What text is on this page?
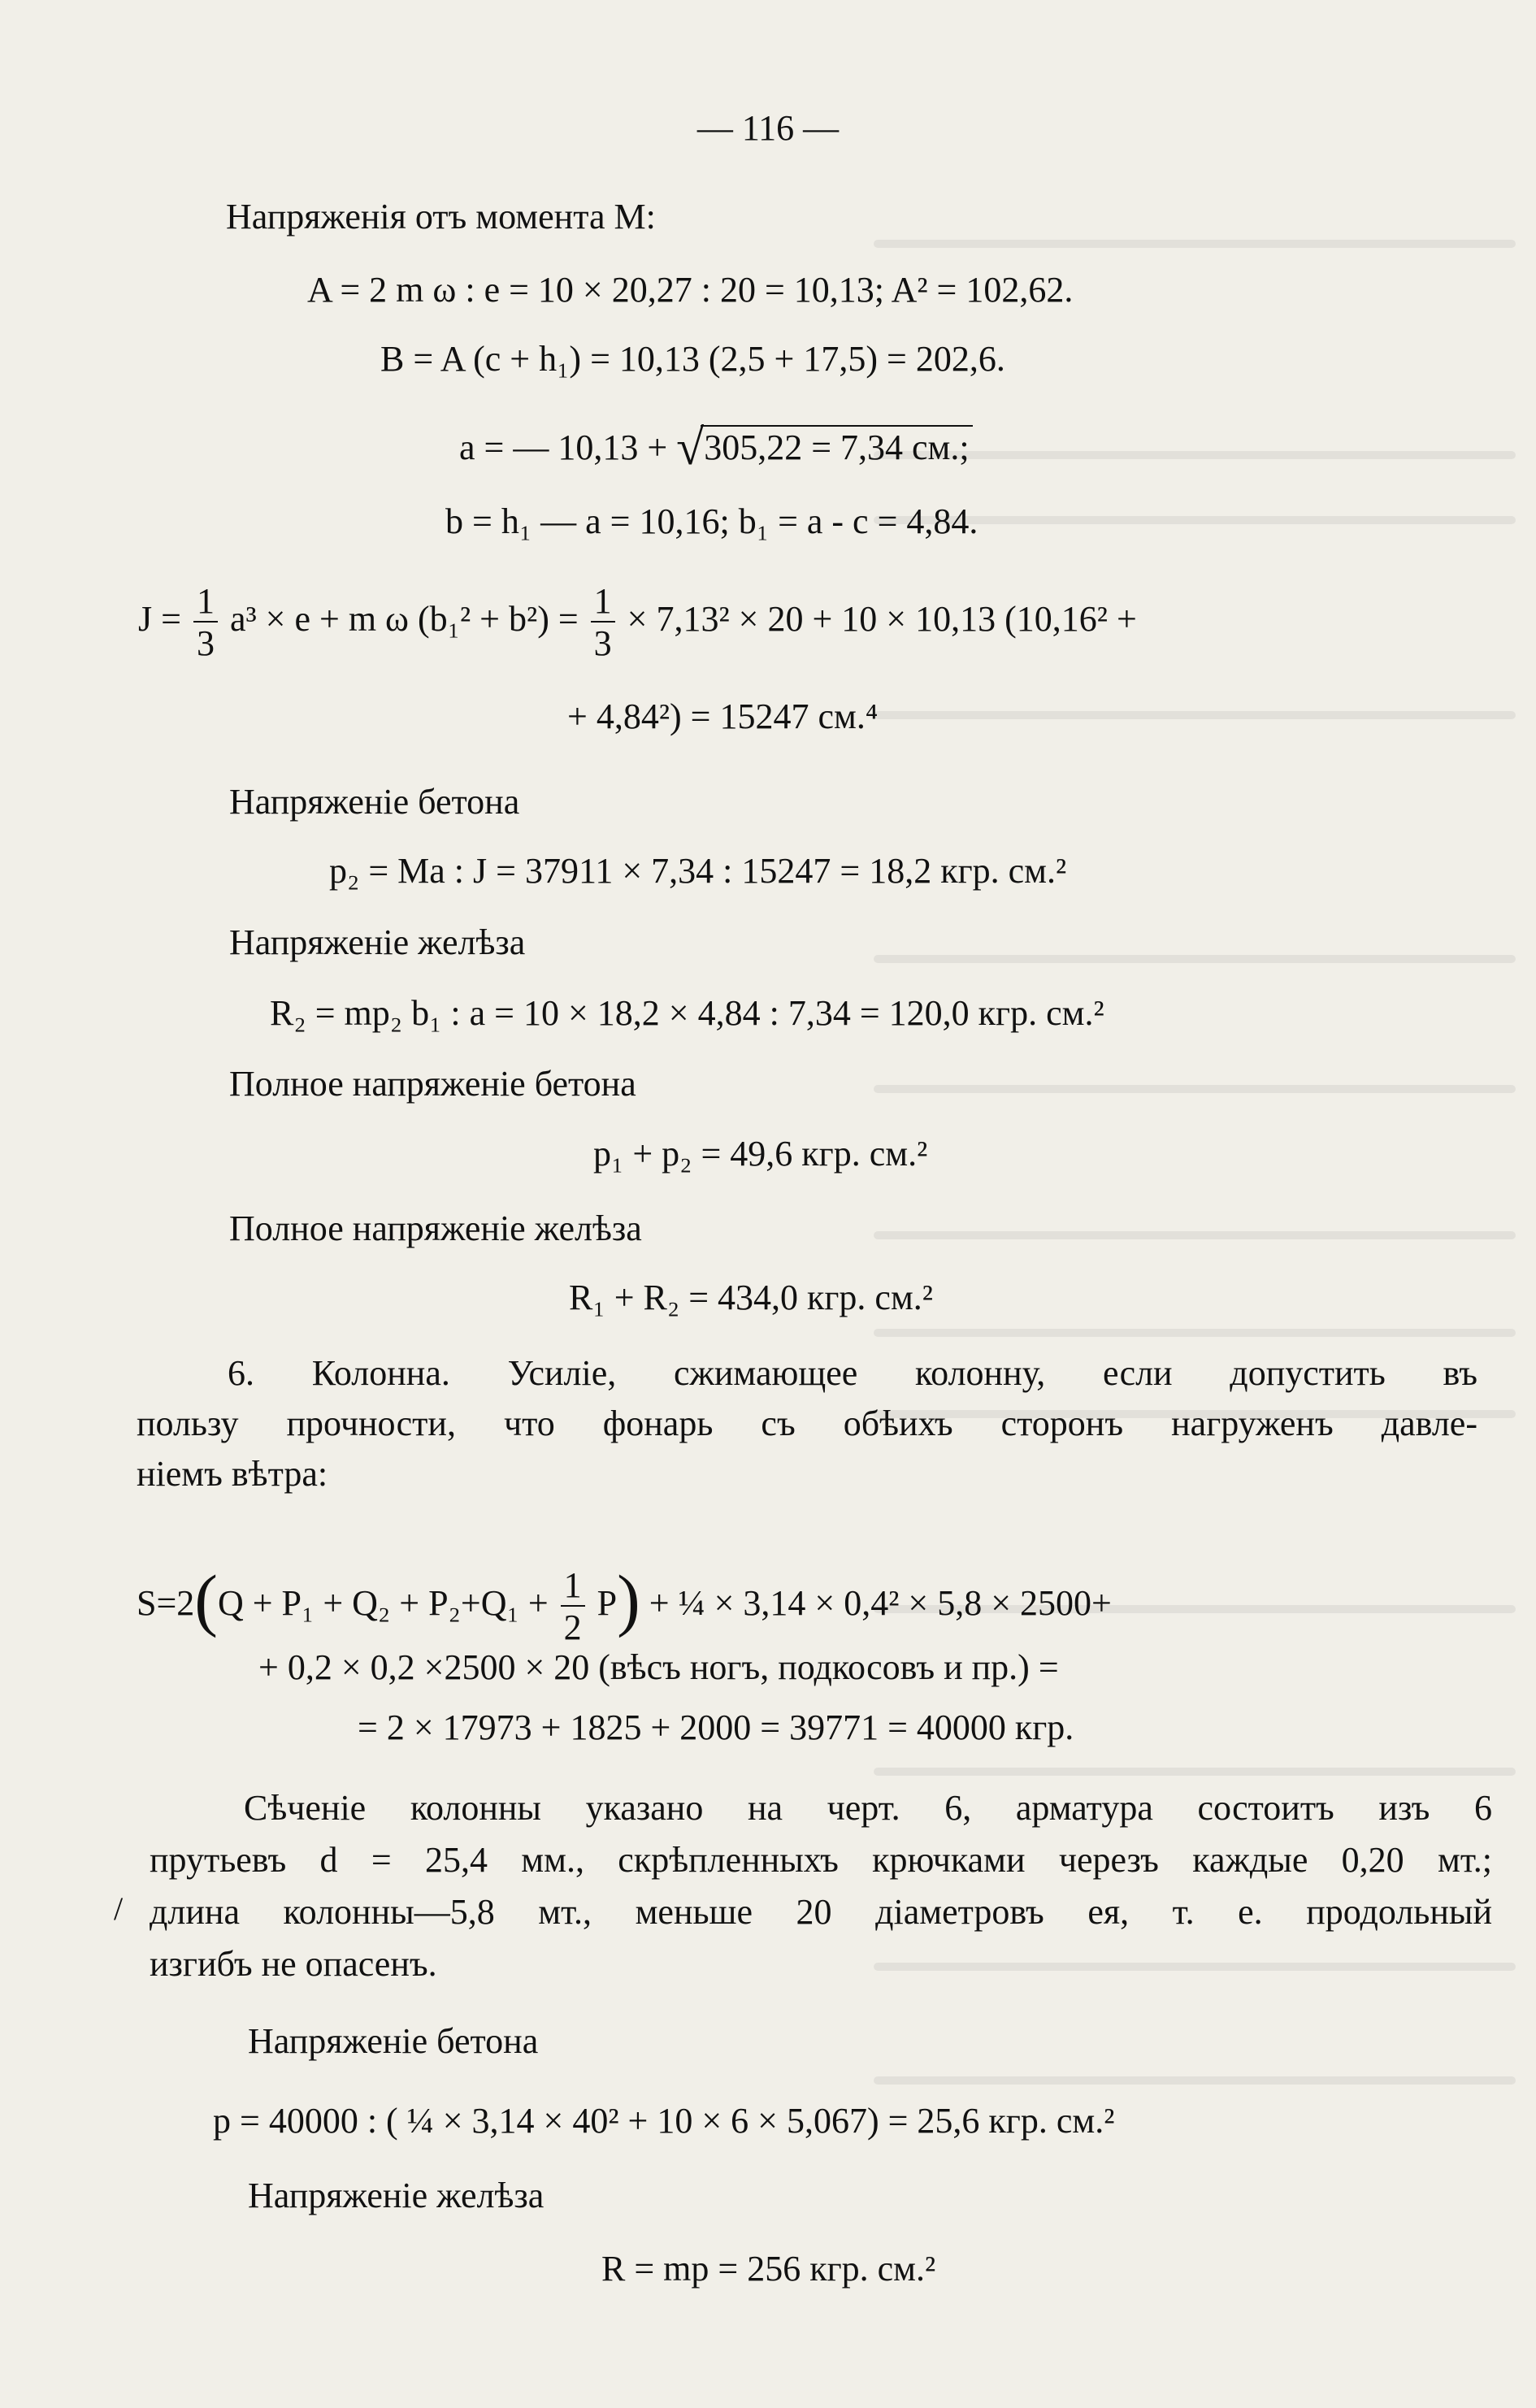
— 116 —
Напряженія отъ момента M:
A = 2 m ω : e = 10 × 20,27 : 20 = 10,13; A² = 102,62.
B = A (c + h₁) = 10,13 (2,5 + 17,5) = 202,6.
a = — 10,13 + √305,22 = 7,34 см.;
b = h₁ — a = 10,16; b₁ = a - c = 4,84.
$J = \frac{1}{3} a^3 \times e + m$ ω $(b_1^2 + b^2) = \frac{1}{3} \times 7,13^2 \times 20 + 10 \times 10,13$ (10,16² +
+ 4,84²) = 15247 см.⁴
Напряженіе бетона
p₂ = Ma : J = 37911 × 7,34 : 15247 = 18,2 кгр. см.²
Напряженіе желѣза
R₂ = mp₂ b₁ : a = 10 × 18,2 × 4,84 : 7,34 = 120,0 кгр. см.²
Полное напряженіе бетона
p₁ + p₂ = 49,6 кгр. см.²
Полное напряженіе желѣза
R₁ + R₂ = 434,0 кгр. см.²
6. Колонна. Усиліе, сжимающее колонну, если допустить въ
пользу прочности, что фонарь съ обѣихъ сторонъ нагруженъ давле-
ніемъ вѣтра:
$S=2(Q + P_1 + Q_2 + P_2+Q_1 + \frac{1}{2} P)$ + ¼ × 3,14 × 0,4² × 5,8 × 2500+
+ 0,2 × 0,2 ×2500 × 20 (вѣсъ ногъ, подкосовъ и пр.) =
= 2 × 17973 + 1825 + 2000 = 39771 = 40000 кгр.
Сѣченіе колонны указано на черт. 6, арматура состоитъ изъ 6
прутьевъ d = 25,4 мм., скрѣпленныхъ крючками черезъ каждые 0,20 мт.;
длина колонны—5,8 мт., меньше 20 діаметровъ ея, т. е. продольный
изгибъ не опасенъ.
/
Напряженіе бетона
p = 40000 : ( ¼ × 3,14 × 40² + 10 × 6 × 5,067) = 25,6 кгр. см.²
Напряженіе желѣза
R = mp = 256 кгр. см.²
